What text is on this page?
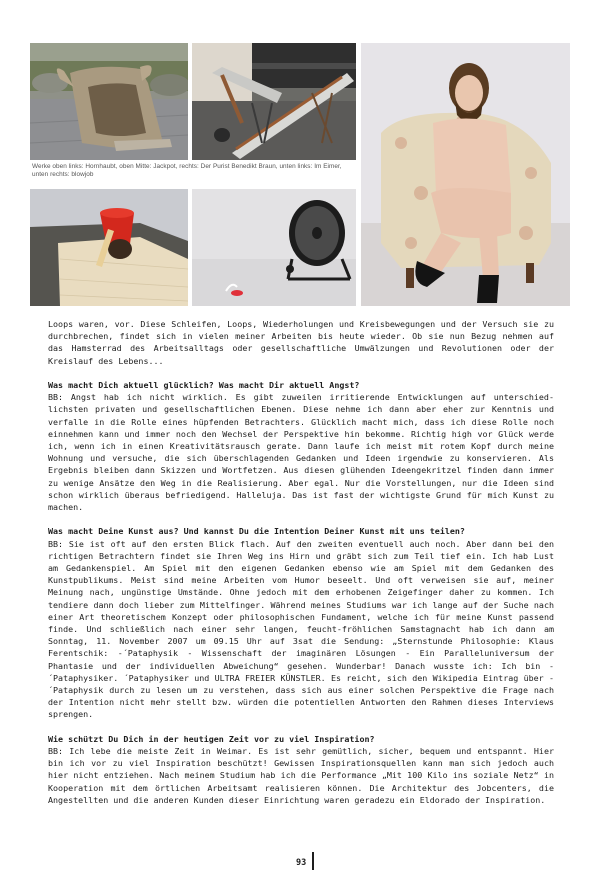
Werke oben links: Hornhaubt, oben Mitte: Jackpot, rechts: Der Purist Benedikt Braun, unten links: Im Eimer, unten rechts: blowjob

Loops waren, vor. Diese Schleifen, Loops, Wiederholungen und Kreisbewegungen und der Versuch sie zu durchbrechen, findet sich in vielen meiner Arbeiten bis heute wieder. Ob sie nun Bezug nehmen auf das Hamsterrad des Arbeitsalltags oder gesellschaftliche Umwälzungen und Revolutionen oder der Kreislauf des Lebens...

Was macht Dich aktuell glücklich? Was macht Dir aktuell Angst?

BB: Angst hab ich nicht wirklich. Es gibt zuweilen irritierende Entwicklungen auf unterschiedlichsten privaten und gesellschaftlichen Ebenen. Diese nehme ich dann aber eher zur Kenntnis und verfalle in die Rolle eines hüpfenden Betrachters. Glücklich macht mich, dass ich diese Rolle noch einnehmen kann und immer noch den Wechsel der Perspektive hin bekomme. Richtig high vor Glück werde ich, wenn ich in einen Kreativitätsrausch gerate. Dann laufe ich meist mit rotem Kopf durch meine Wohnung und versuche, die sich überschlagenden Gedanken und Ideen irgendwie zu konservieren. Als Ergebnis bleiben dann Skizzen und Wortfetzen. Aus diesen glühenden Ideengekritzel finden dann immer zu wenige Ansätze den Weg in die Realisierung. Aber egal. Nur die Vorstellungen, nur die Ideen sind schon wirklich überaus befriedigend. Halleluja. Das ist fast der wichtigste Grund für mich Kunst zu machen.

Was macht Deine Kunst aus? Und kannst Du die Intention Deiner Kunst mit uns teilen?

BB: Sie ist oft auf den ersten Blick flach. Auf den zweiten eventuell auch noch. Aber dann bei den richtigen Betrachtern findet sie Ihren Weg ins Hirn und gräbt sich zum Teil tief ein. Ich hab Lust am Gedankenspiel. Am Spiel mit den eigenen Gedanken ebenso wie am Spiel mit dem Gedanken des Kunstpublikums. Meist sind meine Arbeiten vom Humor beseelt. Und oft verweisen sie auf, meiner Meinung nach, ungünstige Umstände. Ohne jedoch mit dem erhobenen Zeigefinger daher zu kommen. Ich tendiere dann doch lieber zum Mittelfinger. Während meines Studiums war ich lange auf der Suche nach einer Art theoretischem Konzept oder philosophischen Fundament, welche ich für meine Kunst passend finde. Und schließlich nach einer sehr langen, feucht-fröhlichen Samstagnacht hab ich dann am Sonntag, 11. November 2007 um 09.15 Uhr auf 3sat die Sendung: „Sternstunde Philosophie: Klaus Ferentschik: -´Pataphysik - Wissenschaft der imaginären Lösungen - Ein Paralleluniversum der Phantasie und der individuellen Abweichung“ gesehen. Wunderbar! Danach wusste ich: Ich bin -´Pataphysiker. ´Pataphysiker und ULTRA FREIER KÜNSTLER. Es reicht, sich den Wikipedia Eintrag über -´Pataphysik durch zu lesen um zu verstehen, dass sich aus einer solchen Perspektive die Frage nach der Intention nicht mehr stellt bzw. würden die potentiellen Antworten den Rahmen dieses Interviews sprengen.

Wie schützt Du Dich in der heutigen Zeit vor zu viel Inspiration?

BB: Ich lebe die meiste Zeit in Weimar. Es ist sehr gemütlich, sicher, bequem und entspannt. Hier bin ich vor zu viel Inspiration beschützt! Gewissen Inspirationsquellen kann man sich jedoch auch hier nicht entziehen. Nach meinem Studium hab ich die Performance „Mit 100 Kilo ins soziale Netz“ in Kooperation mit dem örtlichen Arbeitsamt realisieren können. Die Architektur des Jobcenters, die Angestellten und die anderen Kunden dieser Einrichtung waren geradezu ein Eldorado der Inspiration.

93
